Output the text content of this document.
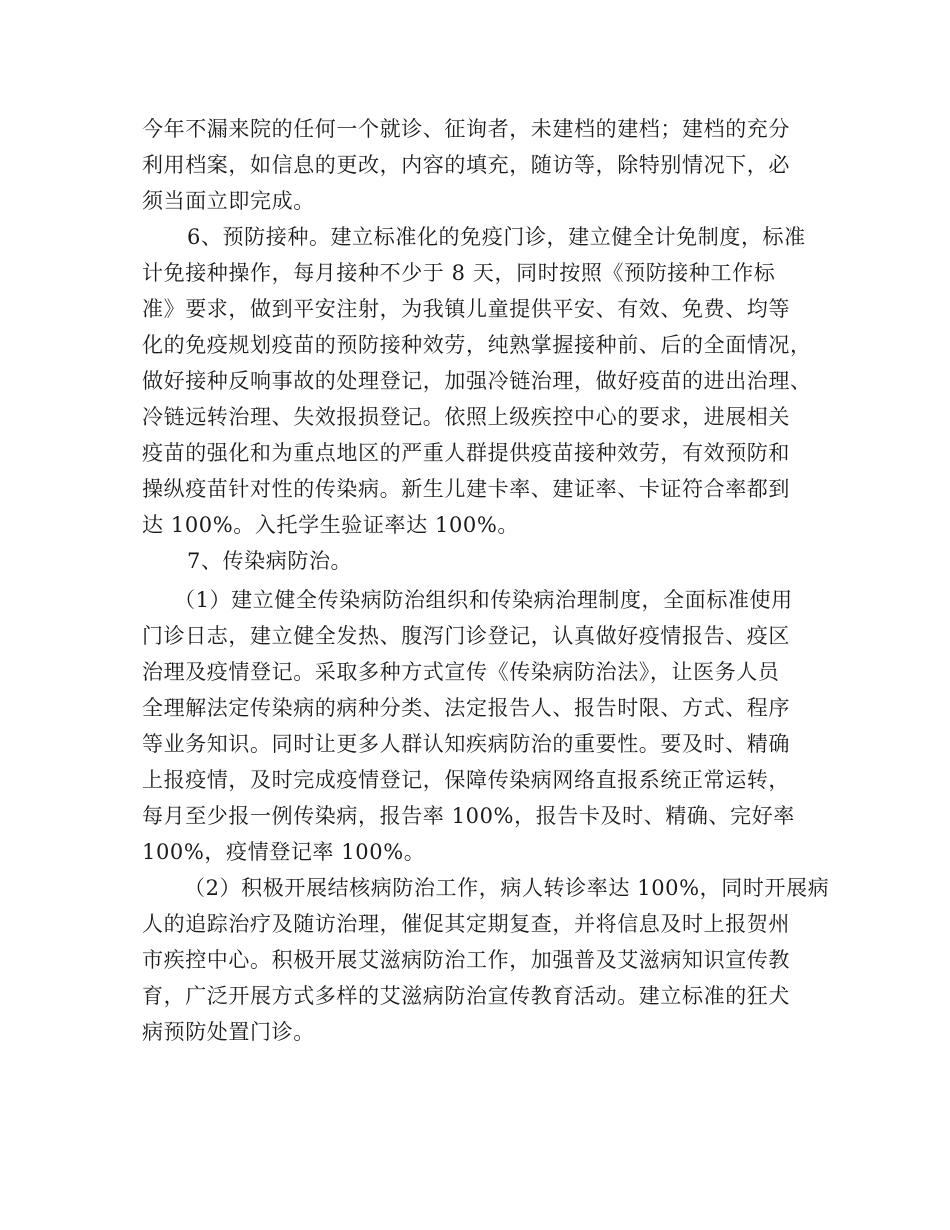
今年不漏来院的任何一个就诊、征询者，未建档的建档；建档的充分
利用档案，如信息的更改，内容的填充，随访等，除特别情况下，必
须当面立即完成。
6、预防接种。建立标准化的免疫门诊，建立健全计免制度，标准
计免接种操作，每月接种不少于 8 天，同时按照《预防接种工作标
准》要求，做到平安注射，为我镇儿童提供平安、有效、免费、均等
化的免疫规划疫苗的预防接种效劳，纯熟掌握接种前、后的全面情况，
做好接种反响事故的处理登记，加强冷链治理，做好疫苗的进出治理、
冷链远转治理、失效报损登记。依照上级疾控中心的要求，进展相关
疫苗的强化和为重点地区的严重人群提供疫苗接种效劳，有效预防和
操纵疫苗针对性的传染病。新生儿建卡率、建证率、卡证符合率都到
达 100%。入托学生验证率达 100%。
7、传染病防治。
（1）建立健全传染病防治组织和传染病治理制度，全面标准使用
门诊日志，建立健全发热、腹泻门诊登记，认真做好疫情报告、疫区
治理及疫情登记。采取多种方式宣传《传染病防治法》，让医务人员
全理解法定传染病的病种分类、法定报告人、报告时限、方式、程序
等业务知识。同时让更多人群认知疾病防治的重要性。要及时、精确
上报疫情，及时完成疫情登记，保障传染病网络直报系统正常运转，
每月至少报一例传染病，报告率 100%，报告卡及时、精确、完好率
100%，疫情登记率 100%。
（2）积极开展结核病防治工作，病人转诊率达 100%，同时开展病
人的追踪治疗及随访治理，催促其定期复查，并将信息及时上报贺州
市疾控中心。积极开展艾滋病防治工作，加强普及艾滋病知识宣传教
育，广泛开展方式多样的艾滋病防治宣传教育活动。建立标准的狂犬
病预防处置门诊。
